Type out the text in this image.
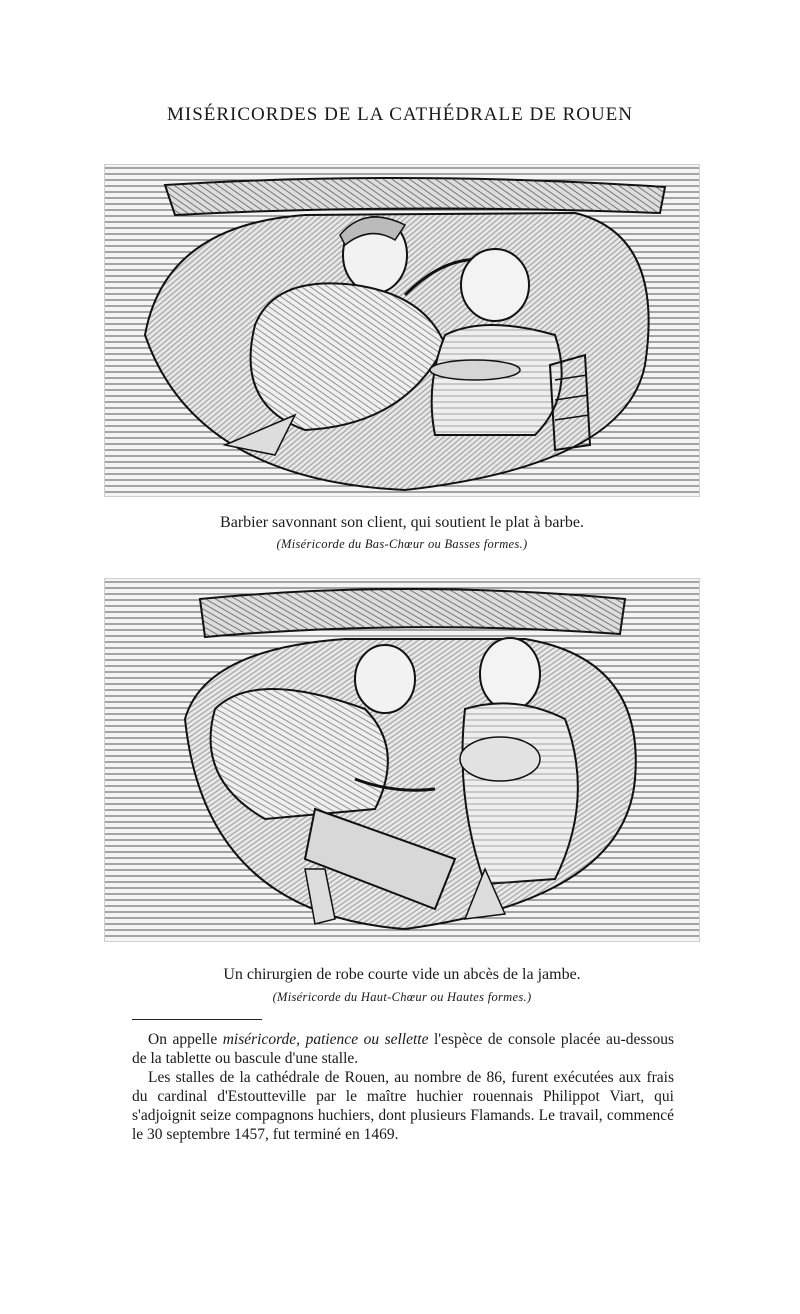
MISÉRICORDES DE LA CATHÉDRALE DE ROUEN
Barbier savonnant son client, qui soutient le plat à barbe.
(Miséricorde du Bas-Chœur ou Basses formes.)
Un chirurgien de robe courte vide un abcès de la jambe.
(Miséricorde du Haut-Chœur ou Hautes formes.)

On appelle miséricorde, patience ou sellette l'espèce de console placée au-dessous de la tablette ou bascule d'une stalle.

Les stalles de la cathédrale de Rouen, au nombre de 86, furent exécutées aux frais du cardinal d'Estoutteville par le maître huchier rouennais Philippot Viart, qui s'adjoignit seize compagnons huchiers, dont plusieurs Flamands. Le travail, commencé le 30 septembre 1457, fut terminé en 1469.
